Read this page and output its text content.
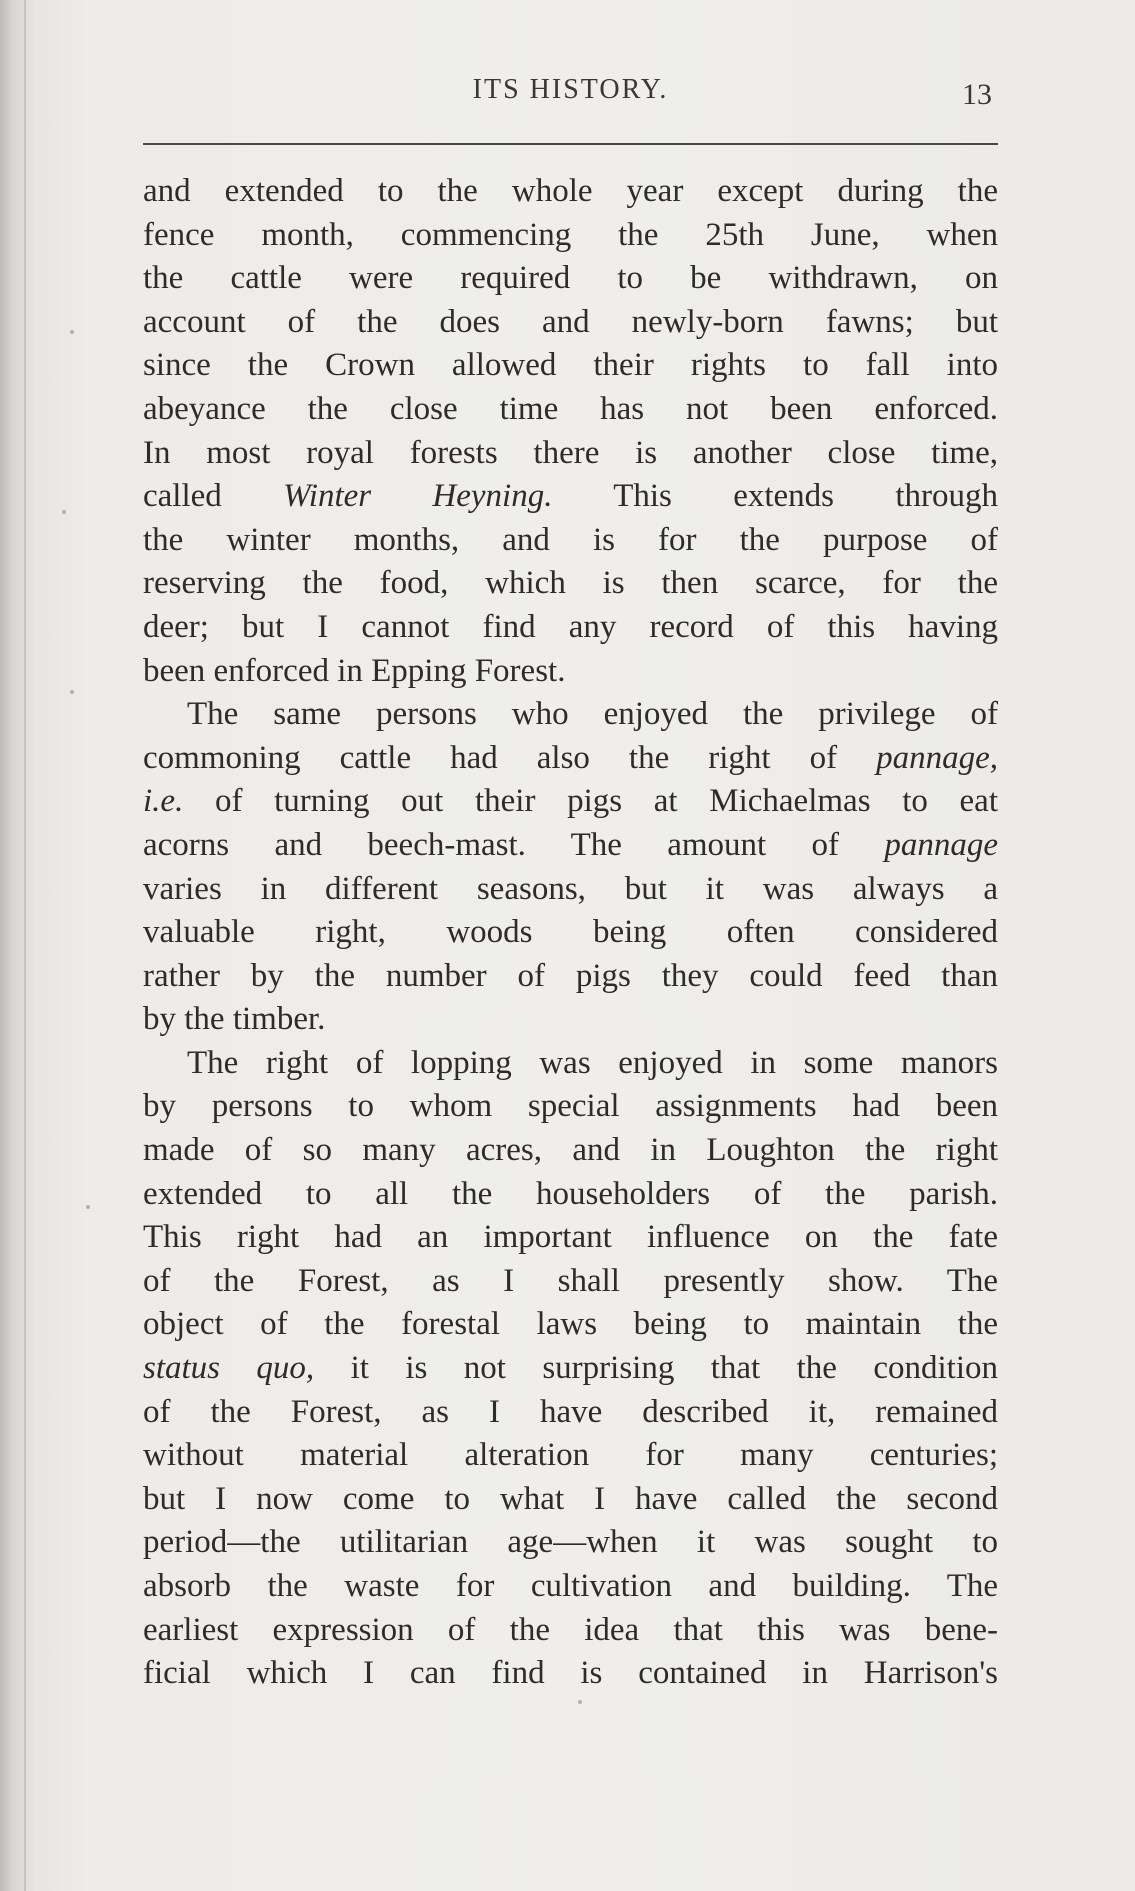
ITS HISTORY.	13
and extended to the whole year except during the
fence month, commencing the 25th June, when
the cattle were required to be withdrawn, on
account of the does and newly-born fawns; but
since the Crown allowed their rights to fall into
abeyance the close time has not been enforced.
In most royal forests there is another close time,
called Winter Heyning. This extends through
the winter months, and is for the purpose of
reserving the food, which is then scarce, for the
deer; but I cannot find any record of this having
been enforced in Epping Forest.
The same persons who enjoyed the privilege of
commoning cattle had also the right of pannage,
i.e. of turning out their pigs at Michaelmas to eat
acorns and beech-mast. The amount of pannage
varies in different seasons, but it was always a
valuable right, woods being often considered
rather by the number of pigs they could feed than
by the timber.
The right of lopping was enjoyed in some manors
by persons to whom special assignments had been
made of so many acres, and in Loughton the right
extended to all the householders of the parish.
This right had an important influence on the fate
of the Forest, as I shall presently show. The
object of the forestal laws being to maintain the
status quo, it is not surprising that the condition
of the Forest, as I have described it, remained
without material alteration for many centuries;
but I now come to what I have called the second
period—the utilitarian age—when it was sought to
absorb the waste for cultivation and building. The
earliest expression of the idea that this was bene-
ficial which I can find is contained in Harrison's
